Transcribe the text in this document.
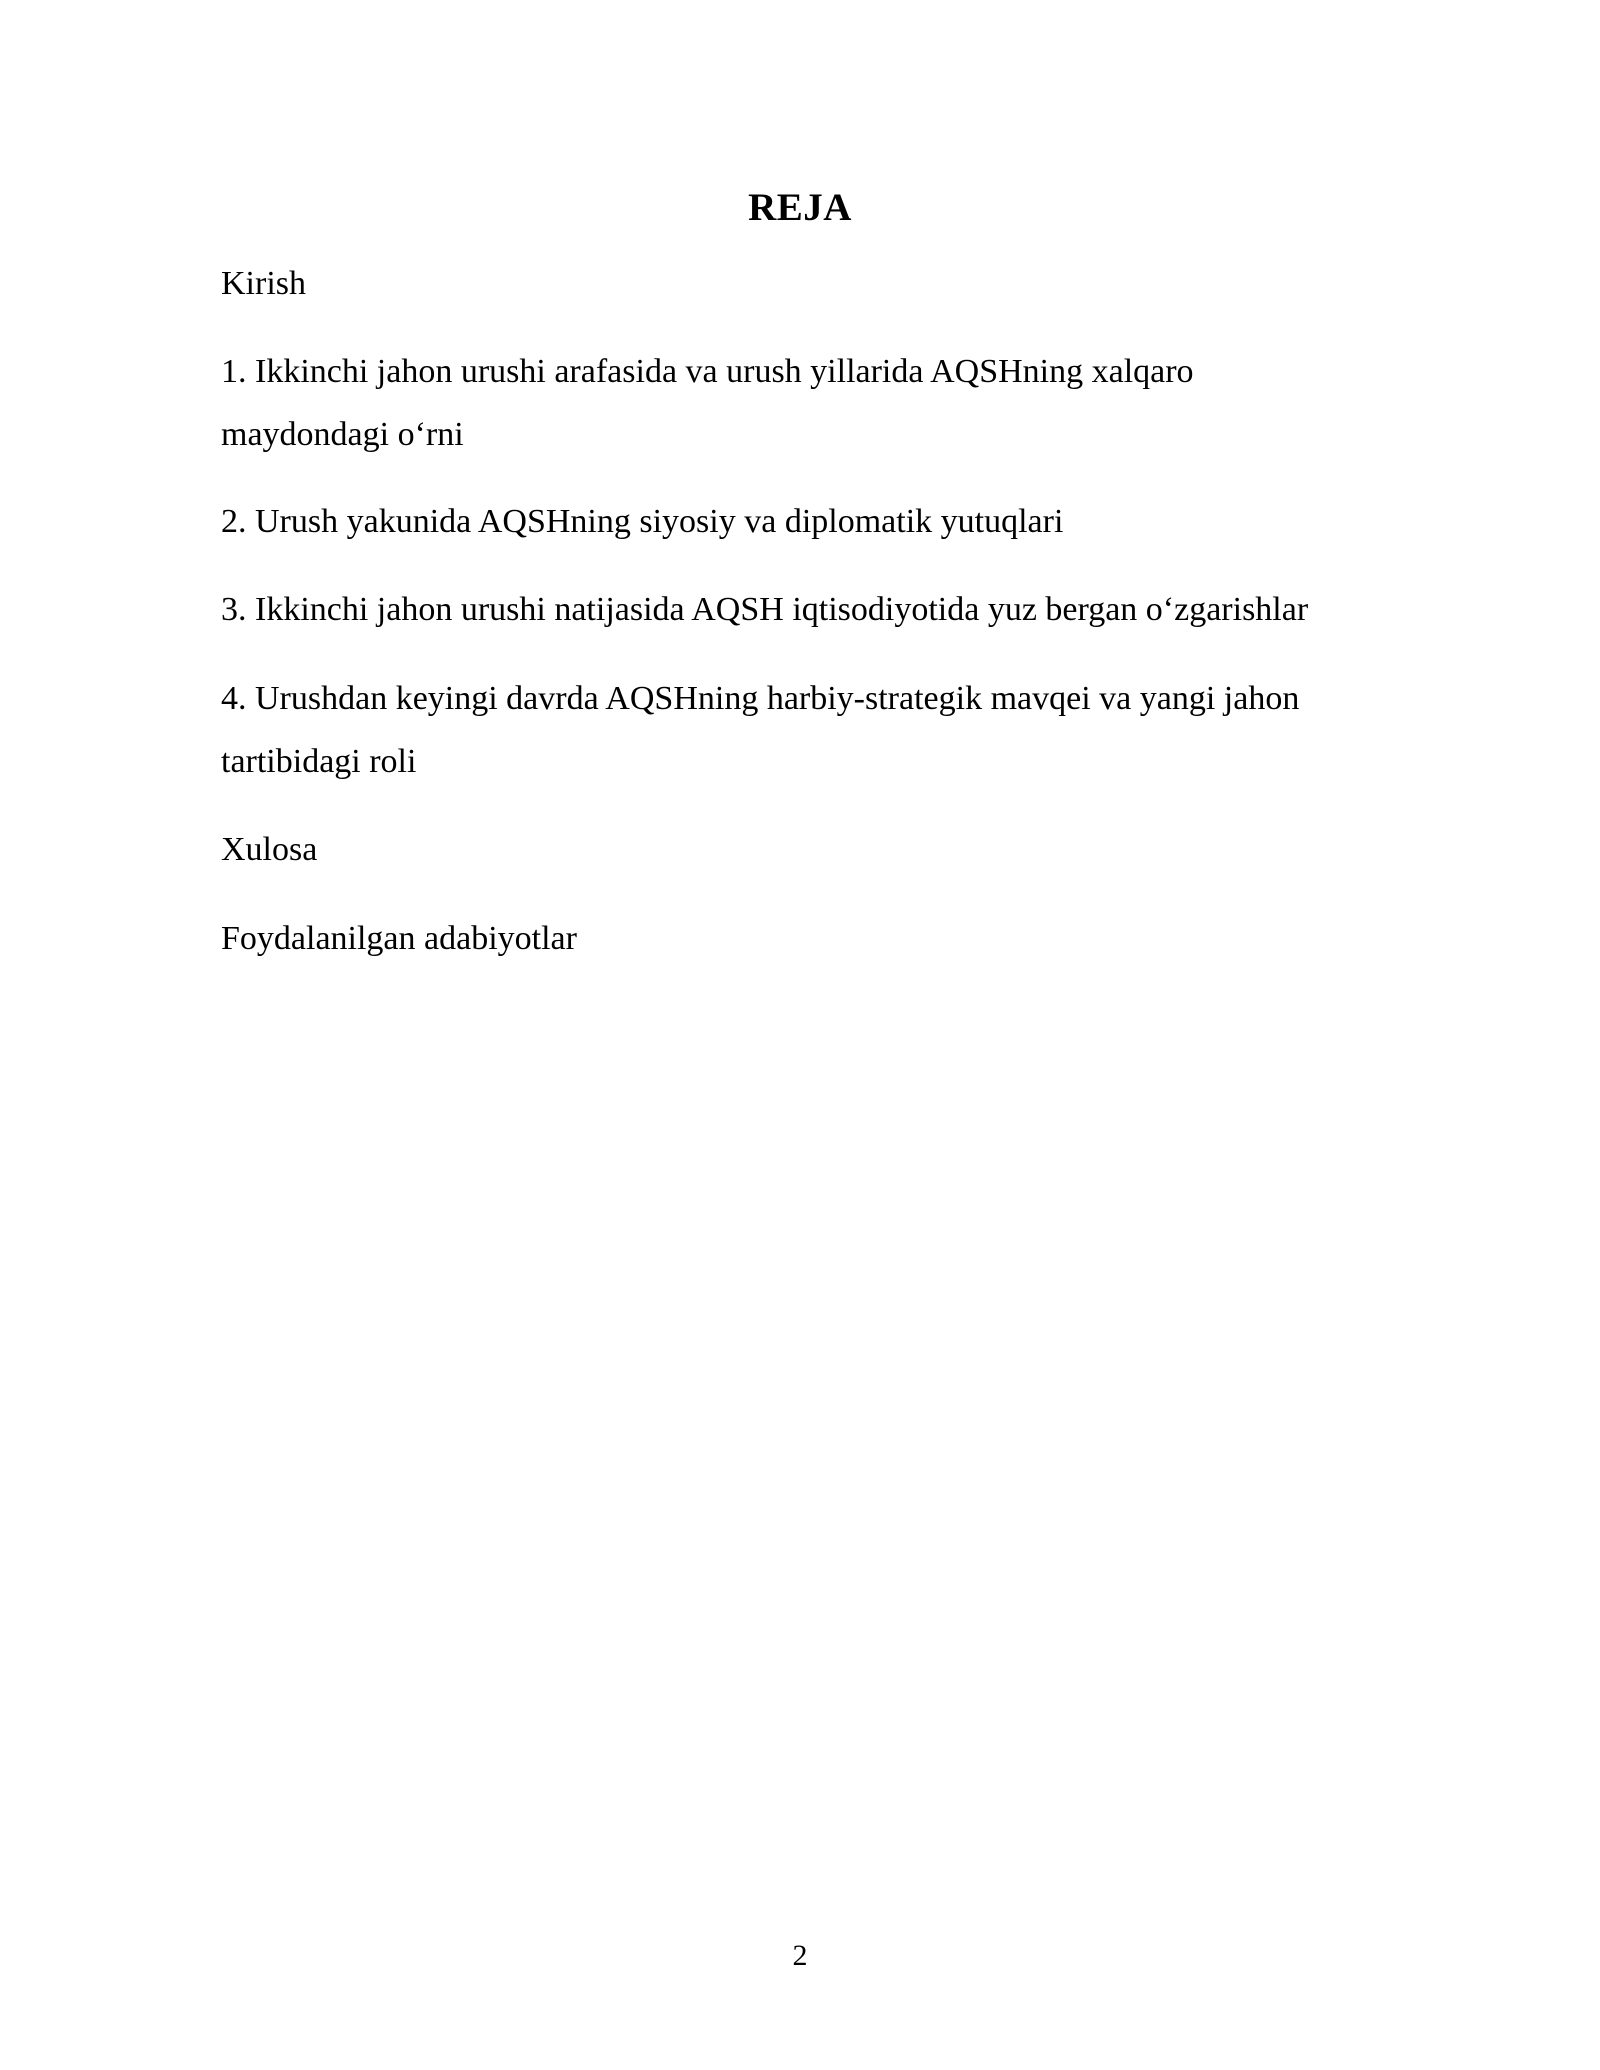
REJA

Kirish

1. Ikkinchi jahon urushi arafasida va urush yillarida AQSHning xalqaro maydondagi o‘rni

2. Urush yakunida AQSHning siyosiy va diplomatik yutuqlari

3. Ikkinchi jahon urushi natijasida AQSH iqtisodiyotida yuz bergan o‘zgarishlar

4. Urushdan keyingi davrda AQSHning harbiy-strategik mavqei va yangi jahon tartibidagi roli

Xulosa

Foydalanilgan adabiyotlar

2
